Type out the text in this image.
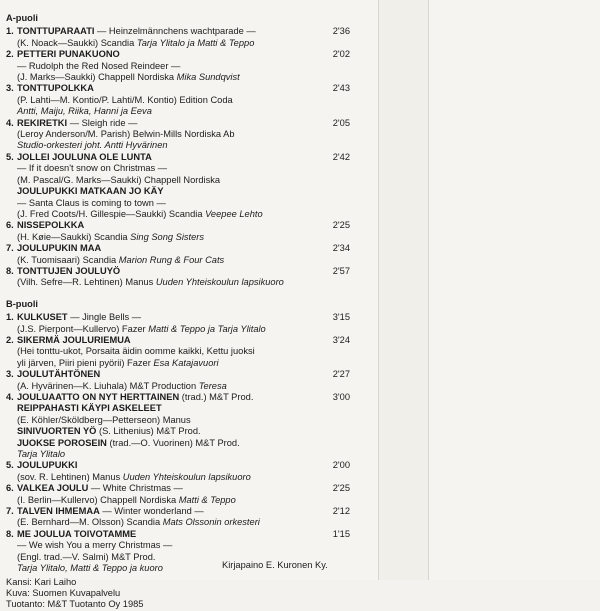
A-puoli
1. TONTTUPARAATI — Heinzelmännchens wachtparade —
(K. Noack—Saukki) Scandia Tarja Ylitalo ja Matti & Teppo
2'36
2. PETTERI PUNAKUONO
— Rudolph the Red Nosed Reindeer —
(J. Marks—Saukki) Chappell Nordiska Mika Sundqvist
2'02
3. TONTTUPOLKKA
(P. Lahti—M. Kontio/P. Lahti/M. Kontio) Edition Coda
Antti, Maiju, Riika, Hanni ja Eeva
2'43
4. REKIRETKI — Sleigh ride —
(Leroy Anderson/M. Parish) Belwin-Mills Nordiska Ab
Studio-orkesteri joht. Antti Hyvärinen
2'05
5. JOLLEI JOULUNA OLE LUNTA
— If it doesn't snow on Christmas —
(M. Pascal/G. Marks—Saukki) Chappell Nordiska
JOULUPUKKI MATKAAN JO KÄY
— Santa Claus is coming to town —
(J. Fred Coots/H. Gillespie—Saukki) Scandia Veepee Lehto
2'42
6. NISSEPOLKKA
(H. Køie—Saukki) Scandia Sing Song Sisters
2'25
7. JOULUPUKIN MAA
(K. Tuomisaari) Scandia Marion Rung & Four Cats
2'34
8. TONTTUJEN JOULUYÖ
(Vilh. Sefre—R. Lehtinen) Manus Uuden Yhteiskoulun lapsikuoro
2'57
B-puoli
1. KULKUSET — Jingle Bells —
(J.S. Pierpont—Kullervo) Fazer Matti & Teppo ja Tarja Ylitalo
3'15
2. SIKERMÄ JOULURIEMUA
(Hei tonttu-ukot, Porsaita äidin oomme kaikki, Kettu juoksi
yli järven, Piiri pieni pyörii) Fazer Esa Katajavuori
3'24
3. JOULUTÄHTÖNEN
(A. Hyvärinen—K. Liuhala) M&T Production Teresa
2'27
4. JOULUAATTO ON NYT HERTTAINEN (trad.) M&T Prod.
REIPPAHASTI KÄYPI ASKELEET
(E. Köhler/Sköldberg—Petterseon) Manus
SINIVUORTEN YÖ (S. Lithenius) M&T Prod.
JUOKSE POROSEIN (trad.—O. Vuorinen) M&T Prod.
Tarja Ylitalo
3'00
5. JOULUPUKKI
(sov. R. Lehtinen) Manus Uuden Yhteiskoulun lapsikuoro
2'00
6. VALKEA JOULU — White Christmas —
(I. Berlin—Kullervo) Chappell Nordiska Matti & Teppo
2'25
7. TALVEN IHMEMAA — Winter wonderland —
(E. Bernhard—M. Olsson) Scandia Mats Olssonin orkesteri
2'12
8. ME JOULUA TOIVOTAMME
— We wish You a merry Christmas —
(Engl. trad.—V. Salmi) M&T Prod.
Tarja Ylitalo, Matti & Teppo ja kuoro
1'15
Kansi: Kari Laiho
Kuva: Suomen Kuvapalvelu
Tuotanto: M&T Tuotanto Oy 1985
Kirjapaino E. Kuronen Ky.
